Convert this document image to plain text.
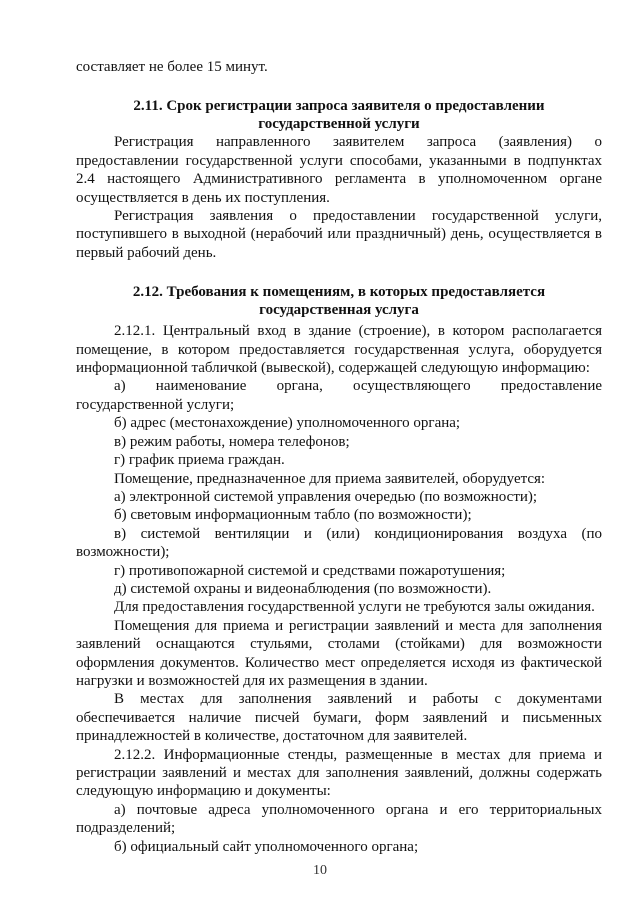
составляет не более 15 минут.

2.11. Срок регистрации запроса заявителя о предоставлении
государственной услуги

Регистрация направленного заявителем запроса (заявления) о предоставлении государственной услуги способами, указанными в подпунктах 2.4 настоящего Административного регламента в уполномоченном органе осуществляется в день их поступления.

Регистрация заявления о предоставлении государственной услуги, поступившего в выходной (нерабочий или праздничный) день, осуществляется в первый рабочий день.

2.12. Требования к помещениям, в которых предоставляется
государственная услуга

2.12.1. Центральный вход в здание (строение), в котором располагается помещение, в котором предоставляется государственная услуга, оборудуется информационной табличкой (вывеской), содержащей следующую информацию:

а) наименование органа, осуществляющего предоставление государственной услуги;

б) адрес (местонахождение) уполномоченного органа;

в) режим работы, номера телефонов;

г) график приема граждан.

Помещение, предназначенное для приема заявителей, оборудуется:

а) электронной системой управления очередью (по возможности);

б) световым информационным табло (по возможности);

в) системой вентиляции и (или) кондиционирования воздуха (по возможности);

г) противопожарной системой и средствами пожаротушения;

д) системой охраны и видеонаблюдения (по возможности).

Для предоставления государственной услуги не требуются залы ожидания.

Помещения для приема и регистрации заявлений и места для заполнения заявлений оснащаются стульями, столами (стойками) для возможности оформления документов. Количество мест определяется исходя из фактической нагрузки и возможностей для их размещения в здании.

В местах для заполнения заявлений и работы с документами обеспечивается наличие писчей бумаги, форм заявлений и письменных принадлежностей в количестве, достаточном для заявителей.

2.12.2. Информационные стенды, размещенные в местах для приема и регистрации заявлений и местах для заполнения заявлений, должны содержать следующую информацию и документы:

а) почтовые адреса уполномоченного органа и его территориальных подразделений;

б) официальный сайт уполномоченного органа;

10
